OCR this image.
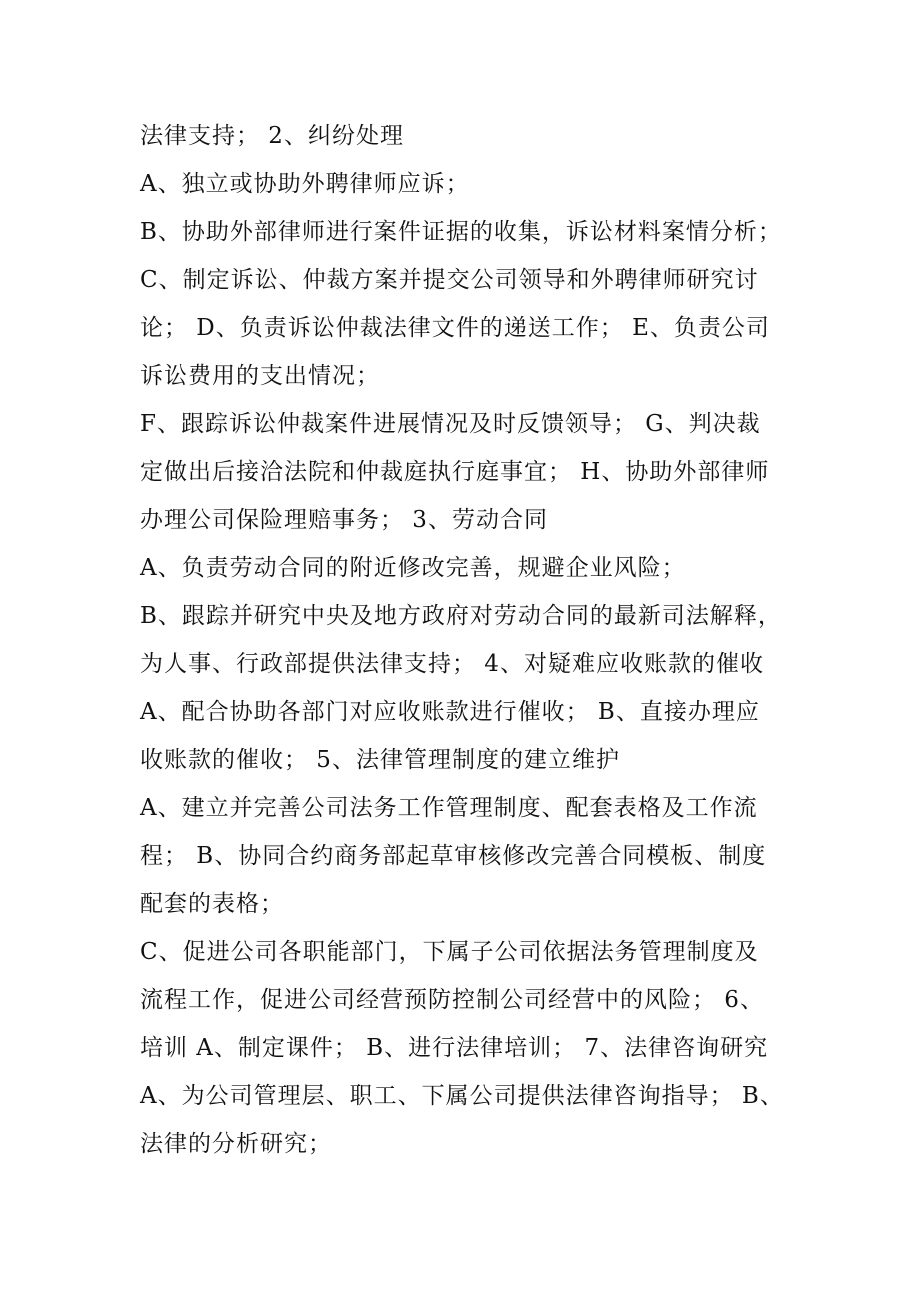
法律支持； 2、纠纷处理
A、独立或协助外聘律师应诉；
B、协助外部律师进行案件证据的收集，诉讼材料案情分析；
C、制定诉讼、仲裁方案并提交公司领导和外聘律师研究讨
论； D、负责诉讼仲裁法律文件的递送工作； E、负责公司
诉讼费用的支出情况；
F、跟踪诉讼仲裁案件进展情况及时反馈领导； G、判决裁
定做出后接洽法院和仲裁庭执行庭事宜； H、协助外部律师
办理公司保险理赔事务； 3、劳动合同
A、负责劳动合同的附近修改完善，规避企业风险；
B、跟踪并研究中央及地方政府对劳动合同的最新司法解释，
为人事、行政部提供法律支持； 4、对疑难应收账款的催收
A、配合协助各部门对应收账款进行催收； B、直接办理应
收账款的催收； 5、法律管理制度的建立维护
A、建立并完善公司法务工作管理制度、配套表格及工作流
程； B、协同合约商务部起草审核修改完善合同模板、制度
配套的表格；
C、促进公司各职能部门，下属子公司依据法务管理制度及
流程工作，促进公司经营预防控制公司经营中的风险； 6、
培训 A、制定课件； B、进行法律培训； 7、法律咨询研究
A、为公司管理层、职工、下属公司提供法律咨询指导； B、
法律的分析研究；
